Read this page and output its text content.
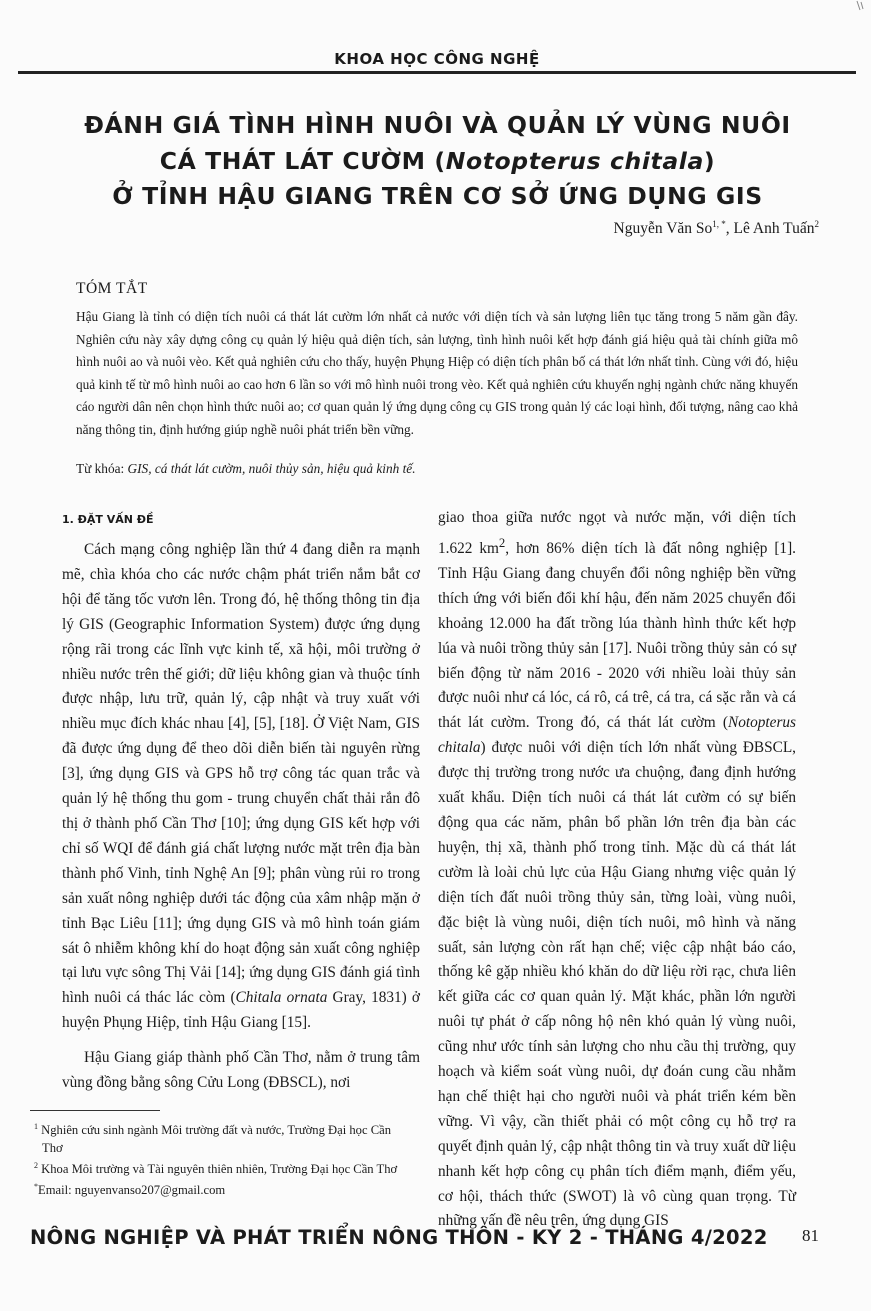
KHOA HỌC CÔNG NGHỆ
ĐÁNH GIÁ TÌNH HÌNH NUÔI VÀ QUẢN LÝ VÙNG NUÔI
CÁ THÁT LÁT CƯỜM (Notopterus chitala)
Ở TỈNH HẬU GIANG TRÊN CƠ SỞ ỨNG DỤNG GIS
Nguyễn Văn $So^{1, *}$, Lê Anh Tuấn$^2$
TÓM TẮT
Hậu Giang là tỉnh có diện tích nuôi cá thát lát cườm lớn nhất cả nước với diện tích và sản lượng liên tục tăng trong 5 năm gần đây. Nghiên cứu này xây dựng công cụ quản lý hiệu quả diện tích, sản lượng, tình hình nuôi kết hợp đánh giá hiệu quả tài chính giữa mô hình nuôi ao và nuôi vèo. Kết quả nghiên cứu cho thấy, huyện Phụng Hiệp có diện tích phân bố cá thát lớn nhất tỉnh. Cùng với đó, hiệu quả kinh tế từ mô hình nuôi ao cao hơn 6 lần so với mô hình nuôi trong vèo. Kết quả nghiên cứu khuyến nghị ngành chức năng khuyến cáo người dân nên chọn hình thức nuôi ao; cơ quan quản lý ứng dụng công cụ GIS trong quản lý các loại hình, đối tượng, nâng cao khả năng thông tin, định hướng giúp nghề nuôi phát triển bền vững.
Từ khóa: GIS, cá thát lát cườm, nuôi thủy sản, hiệu quả kinh tế.
1. ĐẶT VẤN ĐỀ

Cách mạng công nghiệp lần thứ 4 đang diễn ra mạnh mẽ, chìa khóa cho các nước chậm phát triển nắm bắt cơ hội để tăng tốc vươn lên. Trong đó, hệ thống thông tin địa lý GIS (Geographic Information System) được ứng dụng rộng rãi trong các lĩnh vực kinh tế, xã hội, môi trường ở nhiều nước trên thế giới; dữ liệu không gian và thuộc tính được nhập, lưu trữ, quản lý, cập nhật và truy xuất với nhiều mục đích khác nhau [4], [5], [18]. Ở Việt Nam, GIS đã được ứng dụng để theo dõi diễn biến tài nguyên rừng [3], ứng dụng GIS và GPS hỗ trợ công tác quan trắc và quản lý hệ thống thu gom - trung chuyển chất thải rắn đô thị ở thành phố Cần Thơ [10]; ứng dụng GIS kết hợp với chỉ số WQI để đánh giá chất lượng nước mặt trên địa bàn thành phố Vinh, tỉnh Nghệ An [9]; phân vùng rủi ro trong sản xuất nông nghiệp dưới tác động của xâm nhập mặn ở tỉnh Bạc Liêu [11]; ứng dụng GIS và mô hình toán giám sát ô nhiễm không khí do hoạt động sản xuất công nghiệp tại lưu vực sông Thị Vải [14]; ứng dụng GIS đánh giá tình hình nuôi cá thác lác còm (Chitala ornata Gray, 1831) ở huyện Phụng Hiệp, tỉnh Hậu Giang [15].

Hậu Giang giáp thành phố Cần Thơ, nằm ở trung tâm vùng đồng bằng sông Cửu Long (ĐBSCL), nơi

giao thoa giữa nước ngọt và nước mặn, với diện tích 1.622 $km^2$, hơn 86% diện tích là đất nông nghiệp [1]. Tỉnh Hậu Giang đang chuyển đổi nông nghiệp bền vững thích ứng với biến đổi khí hậu, đến năm 2025 chuyển đổi khoảng 12.000 ha đất trồng lúa thành hình thức kết hợp lúa và nuôi trồng thủy sản [17]. Nuôi trồng thủy sản có sự biến động từ năm 2016 - 2020 với nhiều loài thủy sản được nuôi như cá lóc, cá rô, cá trê, cá tra, cá sặc rằn và cá thát lát cườm. Trong đó, cá thát lát cườm (Notopterus chitala) được nuôi với diện tích lớn nhất vùng ĐBSCL, được thị trường trong nước ưa chuộng, đang định hướng xuất khẩu. Diện tích nuôi cá thát lát cườm có sự biến động qua các năm, phân bổ phần lớn trên địa bàn các huyện, thị xã, thành phố trong tỉnh. Mặc dù cá thát lát cườm là loài chủ lực của Hậu Giang nhưng việc quản lý diện tích đất nuôi trồng thủy sản, từng loài, vùng nuôi, đặc biệt là vùng nuôi, diện tích nuôi, mô hình và năng suất, sản lượng còn rất hạn chế; việc cập nhật báo cáo, thống kê gặp nhiều khó khăn do dữ liệu rời rạc, chưa liên kết giữa các cơ quan quản lý. Mặt khác, phần lớn người nuôi tự phát ở cấp nông hộ nên khó quản lý vùng nuôi, cũng như ước tính sản lượng cho nhu cầu thị trường, quy hoạch và kiểm soát vùng nuôi, dự đoán cung cầu nhằm hạn chế thiệt hại cho người nuôi và phát triển kém bền vững. Vì vậy, cần thiết phải có một công cụ hỗ trợ ra quyết định quản lý, cập nhật thông tin và truy xuất dữ liệu nhanh kết hợp công cụ phân tích điểm mạnh, điểm yếu, cơ hội, thách thức (SWOT) là vô cùng quan trọng. Từ những vấn đề nêu trên, ứng dụng GIS

$^1$ Nghiên cứu sinh ngành Môi trường đất và nước, Trường Đại học Cần Thơ
$^2$ Khoa Môi trường và Tài nguyên thiên nhiên, Trường Đại học Cần Thơ
*Email: nguyenvanso207@gmail.com
NÔNG NGHIỆP VÀ PHÁT TRIỂN NÔNG THÔN - KỲ 2 - THÁNG 4/2022 81
